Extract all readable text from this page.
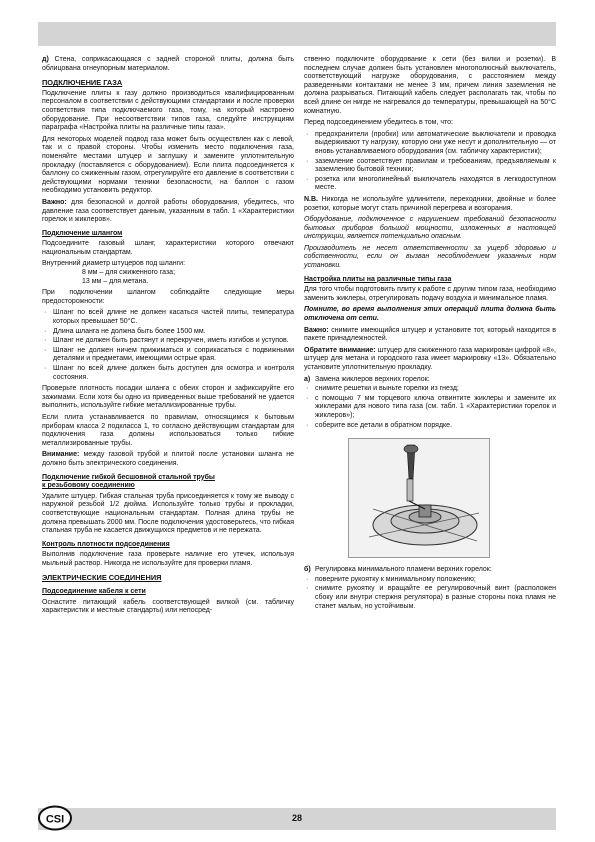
д) Стена, соприкасающаяся с задней стороной плиты, должна быть облицована огнеупорным материалом.

ПОДКЛЮЧЕНИЕ ГАЗА

Подключение плиты к газу должно производиться квалифицированным персоналом в соответствии с действующими стандартами и после проверки соответствия типа подключаемого газа, тому, на который настроено оборудование. При несоответствии типов газа, следуйте инструкциям параграфа «Настройка плиты на различные типы газа».

Для некоторых моделей подвод газа может быть осуществлен как с левой, так и с правой стороны. Чтобы изменить место подключения газа, поменяйте местами штуцер и заглушку и замените уплотнительную прокладку (поставляется с оборудованием). Если плита подсоединяется к баллону со сжиженным газом, отрегулируйте его давление в соответствии с действующими нормами техники безопасности, на баллон с газом необходимо установить редуктор.

Важно: для безопасной и долгой работы оборудования, убедитесь, что давление газа соответствует данным, указанным в табл. 1 «Характеристики горелок и жиклеров».

Подключение шлангом

Подсоедините газовый шланг, характеристики которого отвечают национальным стандартам.

Внутренний диаметр штуцеров под шланги:

8 мм – для сжиженного газа;

13 мм – для метана.

При подключении шлангом соблюдайте следующие меры предосторожности:

· Шланг по всей длине не должен касаться частей плиты, температура которых превышает 50°C.
· Длина шланга не должна быть более 1500 мм.
· Шланг не должен быть растянут и перекручен, иметь изгибов и уступов.
· Шланг не должен ничем прижиматься и соприкасаться с подвижными деталями и предметами, имеющими острые края.
· Шланг по всей длине должен быть доступен для осмотра и контроля состояния.

Проверьте плотность посадки шланга с обеих сторон и зафиксируйте его зажимами. Если хотя бы одно из приведенных выше требований не удается выполнить, используйте гибкие металлизированные трубы.

Если плита устанавливается по правилам, относящимся к бытовым приборам класса 2 подкласса 1, то согласно действующим стандартам для подключения газа должны использоваться только гибкие металлизированные трубы.

Внимание: между газовой трубой и плитой после установки шланга не должно быть электрического соединения.

Подключение гибкой бесшовной стальной трубы
к резьбовому соединению

Удалите штуцер. Гибкая стальная труба присоединяется к тому же выводу с наружной резьбой 1/2 дюйма. Используйте только трубы и прокладки, соответствующие национальным стандартам. Полная длина трубы не должна превышать 2000 мм. После подключения удостоверьтесь, что гибкая стальная труба не касается движущихся предметов и не пережата.

Контроль плотности подсоединения

Выполнив подключение газа проверьте наличие его утечек, используя мыльный раствор. Никогда не используйте для проверки пламя.

ЭЛЕКТРИЧЕСКИЕ СОЕДИНЕНИЯ
Подсоединение кабеля к сети

Оснастите питающий кабель соответствующей вилкой (см. табличку характеристик и местные стандарты) или непосред-

ственно подключите оборудование к сети (без вилки и розетки). В последнем случае должен быть установлен многополюсный выключатель, соответствующий нагрузке оборудования, с расстоянием между разведенными контактами не менее 3 мм, причем линия заземления не должна разрываться. Питающий кабель следует располагать так, чтобы по всей длине он нигде не нагревался до температуры, превышающей на 50°C комнатную.

Перед подсоединением убедитесь в том, что:

· предохранители (пробки) или автоматические выключатели и проводка выдерживают ту нагрузку, которую они уже несут и дополнительную — от вновь устанавливаемого оборудования (см. табличку характеристик);
· заземление соответствует правилам и требованиям, предъявляемым к заземлению бытовой техники;
· розетка или многолинейный выключатель находятся в легкодоступном месте.

N.B. Никогда не используйте удлинители, переходники, двойные и более розетки, которые могут стать причиной перегрева и возгорания.

Оборудование, подключенное с нарушением требований безопасности бытовых приборов большой мощности, изложенных в настоящей инструкции, является потенциально опасным.

Производитель не несет ответственности за ущерб здоровью и собственности, если он вызван несоблюдением указанных норм установки.

Настройка плиты на различные типы газа

Для того чтобы подготовить плиту к работе с другим типом газа, необходимо заменить жиклеры, отрегулировать подачу воздуха и минимальное пламя.

Помните, во время выполнения этих операций плита должна быть отключена от сети.

Важно: снимите имеющийся штуцер и установите тот, который находится в пакете принадлежностей.

Обратите внимание: штуцер для сжиженного газа маркирован цифрой «8», штуцер для метана и городского газа имеет маркировку «13». Обязательно установите уплотнительную прокладку.

а) Замена жиклеров верхних горелок:

· снимите решетки и выньте горелки из гнезд;
· с помощью 7 мм торцевого ключа отвинтите жиклеры и замените их жиклерами для нового типа газа (см. табл. 1 «Характеристики горелок и жиклеров»);
· соберите все детали в обратном порядке.

б) Регулировка минимального пламени верхних горелок:

· поверните рукоятку к минимальному положению;
· снимите рукоятку и вращайте ее регулировочный винт (расположен сбоку или внутри стержня регулятора) в разные стороны пока пламя не станет малым, но устойчивым.
CSI	28
